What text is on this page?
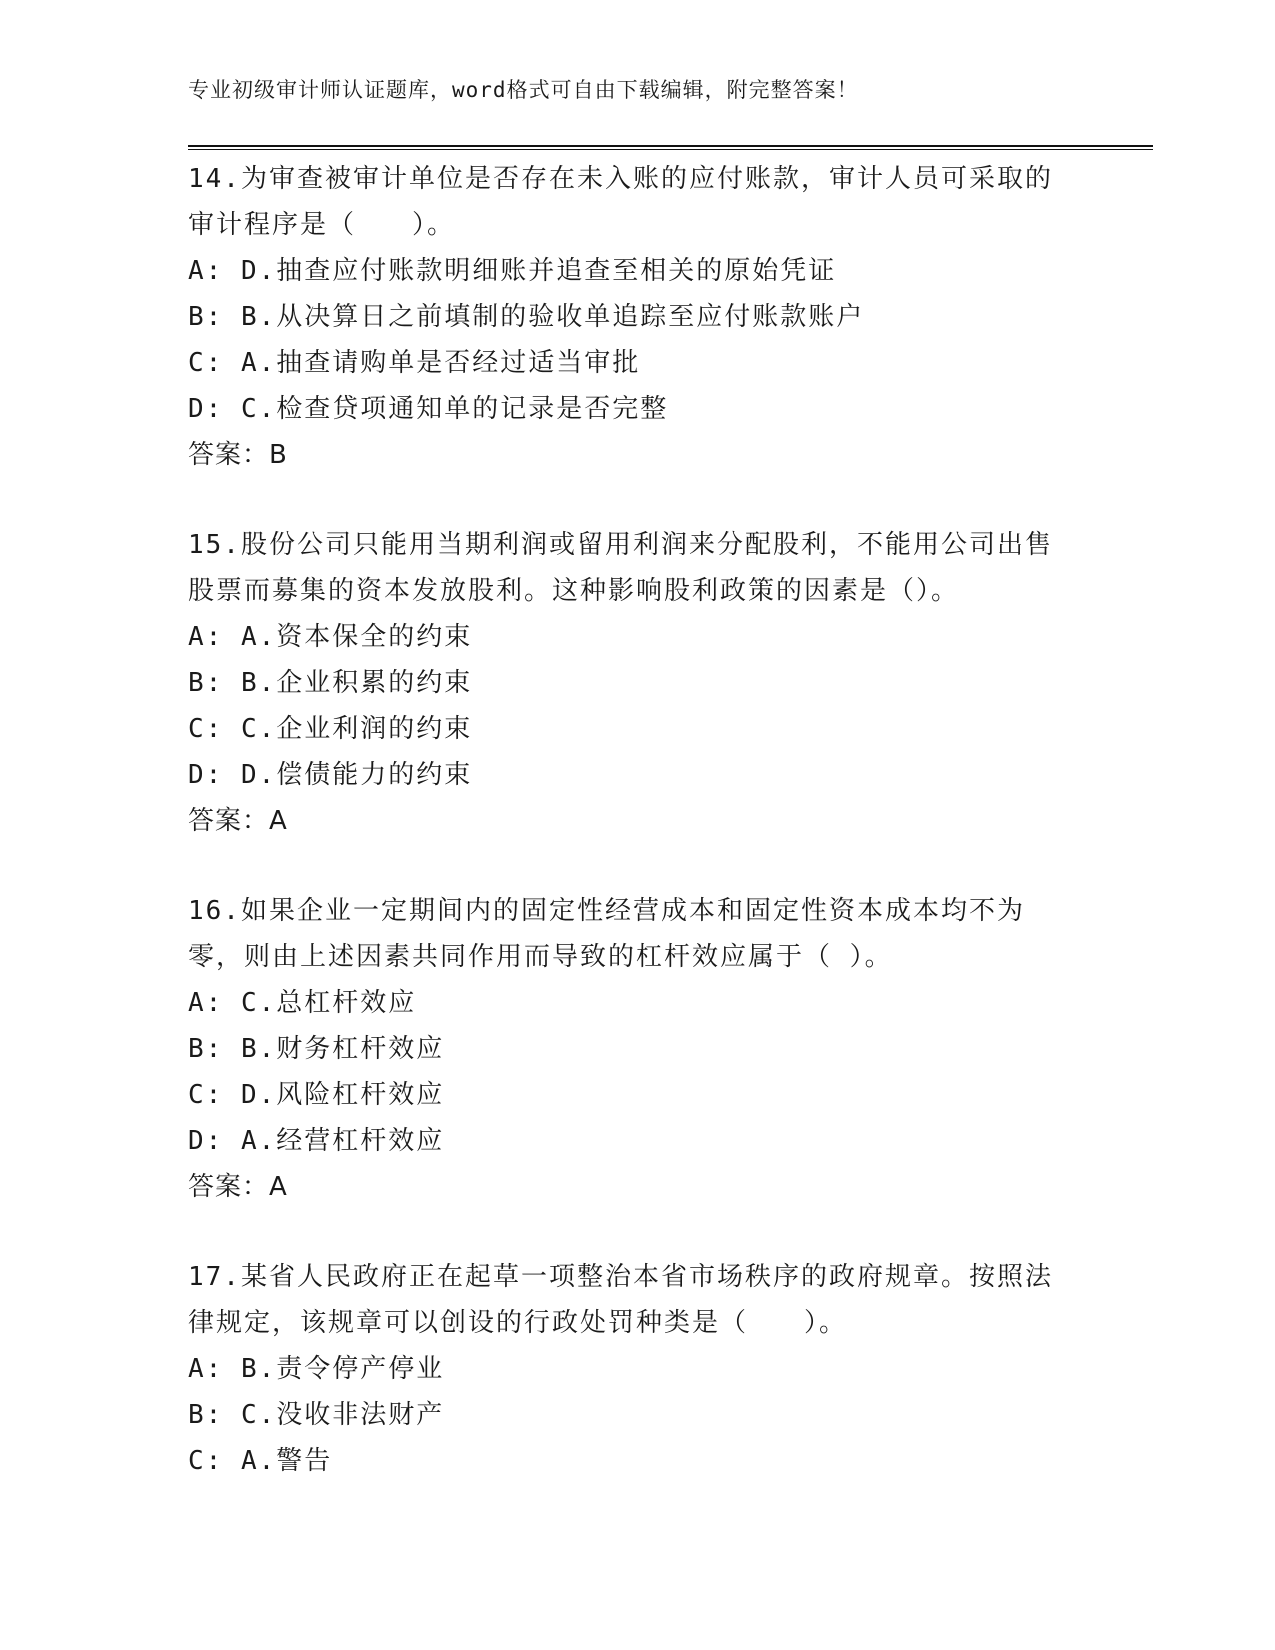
专业初级审计师认证题库，word格式可自由下载编辑，附完整答案！
14.为审查被审计单位是否存在未入账的应付账款，审计人员可采取的审计程序是（　　）。
A: D.抽查应付账款明细账并追查至相关的原始凭证
B: B.从决算日之前填制的验收单追踪至应付账款账户
C: A.抽查请购单是否经过适当审批
D: C.检查贷项通知单的记录是否完整
答案：B
15.股份公司只能用当期利润或留用利润来分配股利，不能用公司出售股票而募集的资本发放股利。这种影响股利政策的因素是（）。
A: A.资本保全的约束
B: B.企业积累的约束
C: C.企业利润的约束
D: D.偿债能力的约束
答案：A
16.如果企业一定期间内的固定性经营成本和固定性资本成本均不为零，则由上述因素共同作用而导致的杠杆效应属于（ ）。
A: C.总杠杆效应
B: B.财务杠杆效应
C: D.风险杠杆效应
D: A.经营杠杆效应
答案：A
17.某省人民政府正在起草一项整治本省市场秩序的政府规章。按照法律规定，该规章可以创设的行政处罚种类是（　　）。
A: B.责令停产停业
B: C.没收非法财产
C: A.警告
